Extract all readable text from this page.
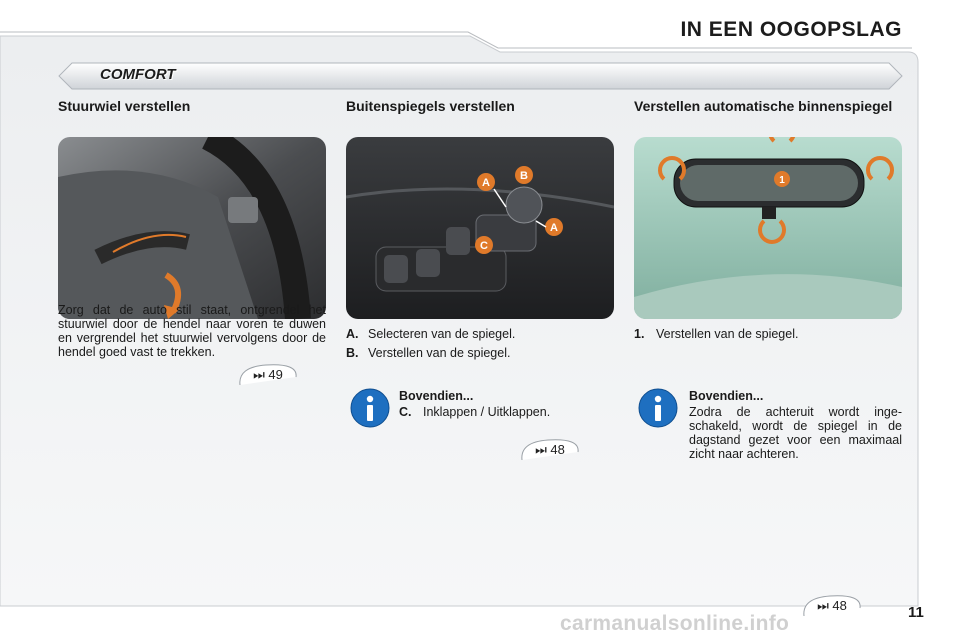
IN EEN OOGOPSLAG
COMFORT
Stuurwiel verstellen
Zorg dat de auto stil staat, ontgrendel het stuurwiel door de hendel naar voren te duwen en vergrendel het stuurwiel vervolgens door de hendel goed vast te trekken.
⏭ 49
Buitenspiegels verstellen
A
B
A
C
A. Selecteren van de spiegel.
B. Verstellen van de spiegel.
Bovendien...
C. Inklappen / Uitklappen.
⏭ 48
Verstellen automatische binnenspiegel
1
1. Verstellen van de spiegel.
Bovendien...
Zodra de achteruit wordt inge-schakeld, wordt de spiegel in de dagstand gezet voor een maximaal zicht naar achteren.
⏭ 48	11
carmanualsonline.info
